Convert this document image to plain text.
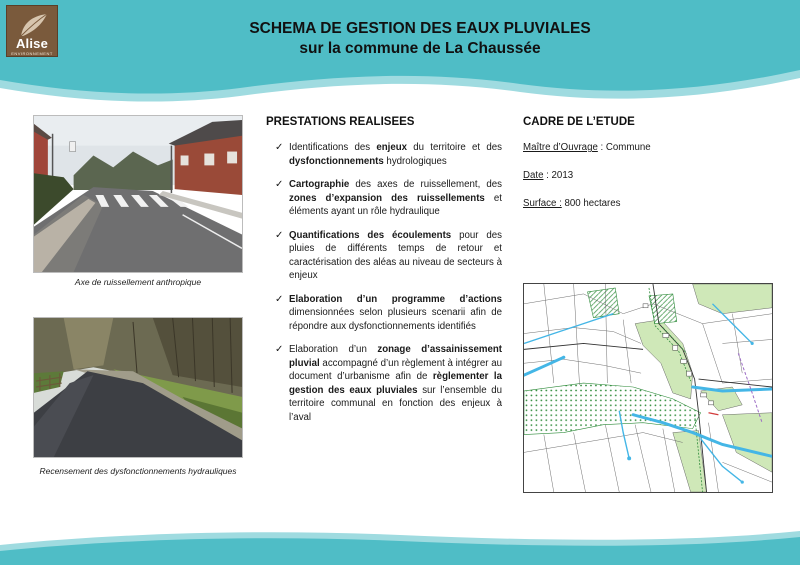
Alise
ENVIRONNEMENT
SCHEMA DE GESTION DES EAUX PLUVIALES
sur la commune de La Chaussée
Axe de ruissellement anthropique
Recensement des dysfonctionnements hydrauliques
PRESTATIONS REALISEES
✓ Identifications des enjeux du territoire et des dysfonctionnements hydrologiques
✓ Cartographie des axes de ruissellement, des zones d’expansion des ruissellements et éléments ayant un rôle hydraulique
✓ Quantifications des écoulements pour des pluies de différents temps de retour et caractérisation des aléas au niveau de secteurs à enjeux
✓ Elaboration d’un programme d’actions dimensionnées selon plusieurs scenarii afin de répondre aux dysfonctionnements identifiés
✓ Elaboration d’un zonage d’assainissement pluvial accompagné d’un règlement à intégrer au document d’urbanisme afin de règlementer la gestion des eaux pluviales sur l’ensemble du territoire communal en fonction des enjeux à l’aval
CADRE DE L’ETUDE
Maître d’Ouvrage : Commune
Date : 2013
Surface : 800 hectares
